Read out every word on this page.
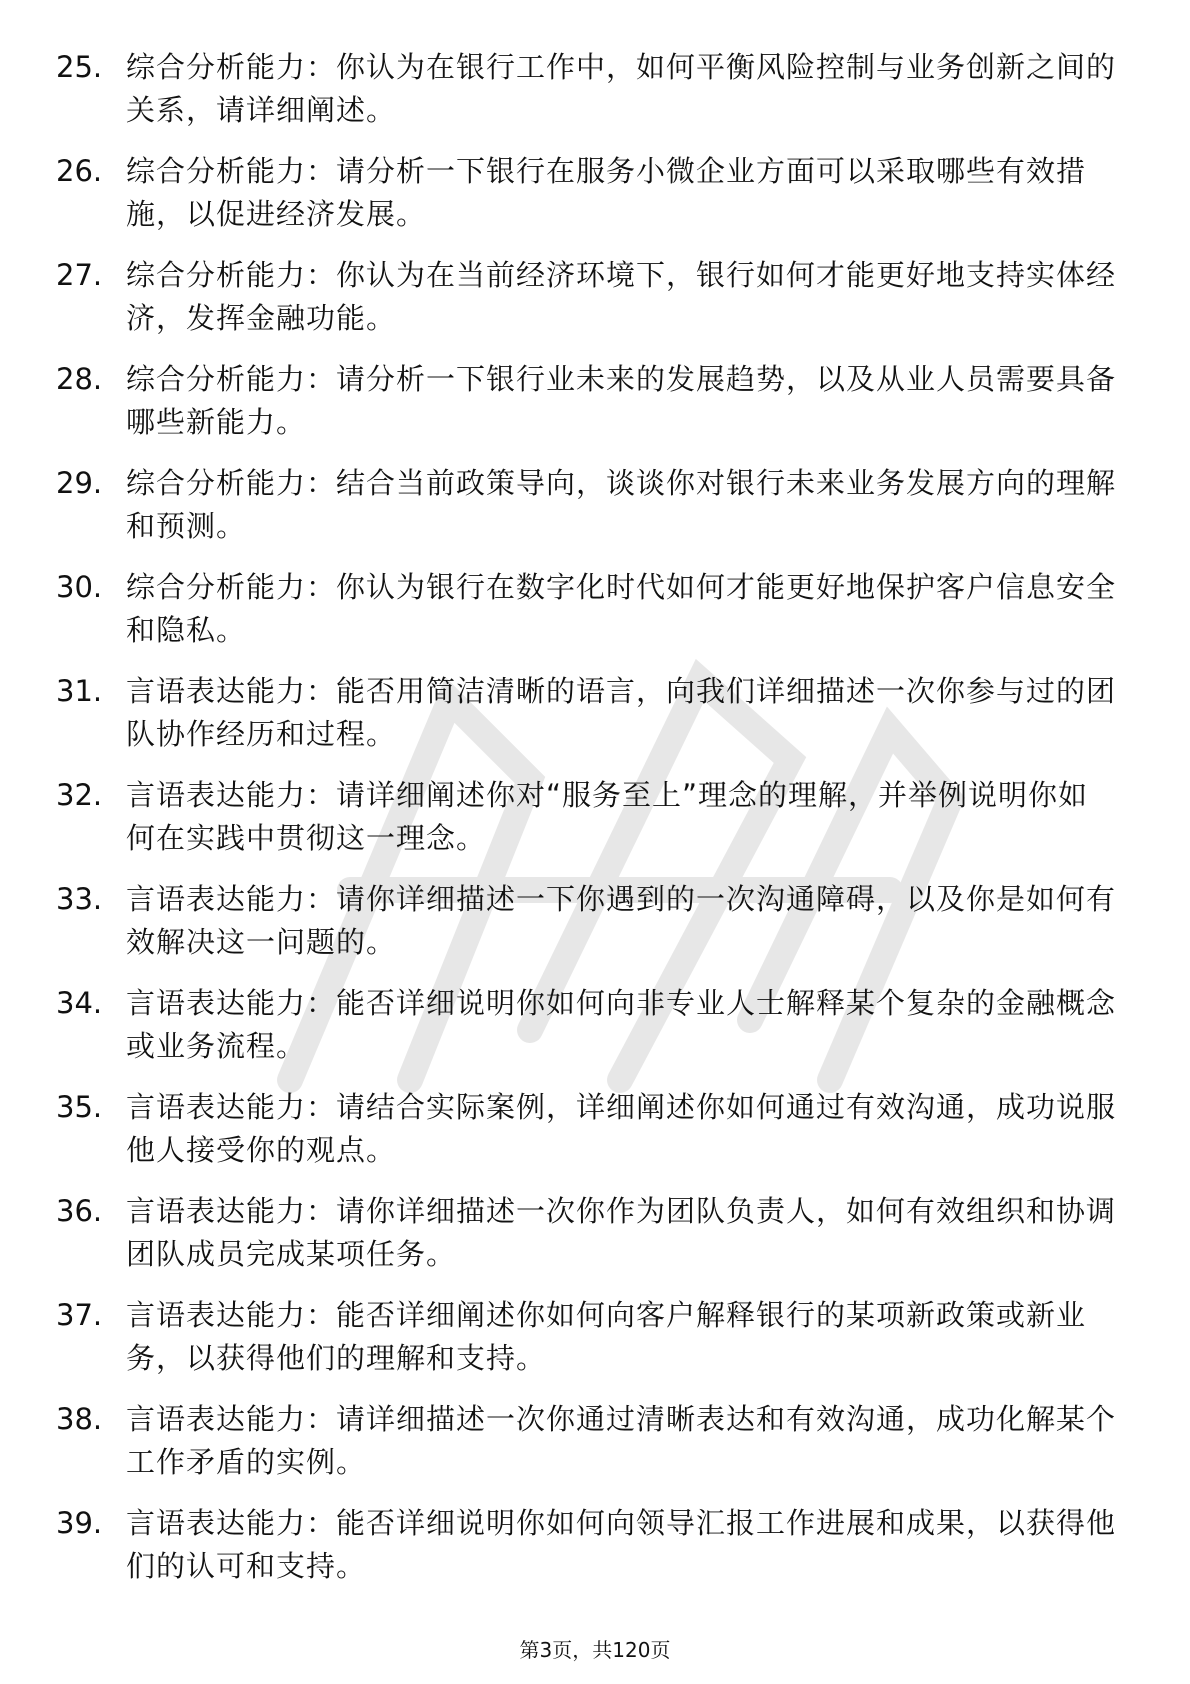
25. 综合分析能力：你认为在银行工作中，如何平衡风险控制与业务创新之间的关系，请详细阐述。
26. 综合分析能力：请分析一下银行在服务小微企业方面可以采取哪些有效措施，以促进经济发展。
27. 综合分析能力：你认为在当前经济环境下，银行如何才能更好地支持实体经济，发挥金融功能。
28. 综合分析能力：请分析一下银行业未来的发展趋势，以及从业人员需要具备哪些新能力。
29. 综合分析能力：结合当前政策导向，谈谈你对银行未来业务发展方向的理解和预测。
30. 综合分析能力：你认为银行在数字化时代如何才能更好地保护客户信息安全和隐私。
31. 言语表达能力：能否用简洁清晰的语言，向我们详细描述一次你参与过的团队协作经历和过程。
32. 言语表达能力：请详细阐述你对“服务至上”理念的理解，并举例说明你如何在实践中贯彻这一理念。
33. 言语表达能力：请你详细描述一下你遇到的一次沟通障碍，以及你是如何有效解决这一问题的。
34. 言语表达能力：能否详细说明你如何向非专业人士解释某个复杂的金融概念或业务流程。
35. 言语表达能力：请结合实际案例，详细阐述你如何通过有效沟通，成功说服他人接受你的观点。
36. 言语表达能力：请你详细描述一次你作为团队负责人，如何有效组织和协调团队成员完成某项任务。
37. 言语表达能力：能否详细阐述你如何向客户解释银行的某项新政策或新业务，以获得他们的理解和支持。
38. 言语表达能力：请详细描述一次你通过清晰表达和有效沟通，成功化解某个工作矛盾的实例。
39. 言语表达能力：能否详细说明你如何向领导汇报工作进展和成果，以获得他们的认可和支持。
第3页，共120页
